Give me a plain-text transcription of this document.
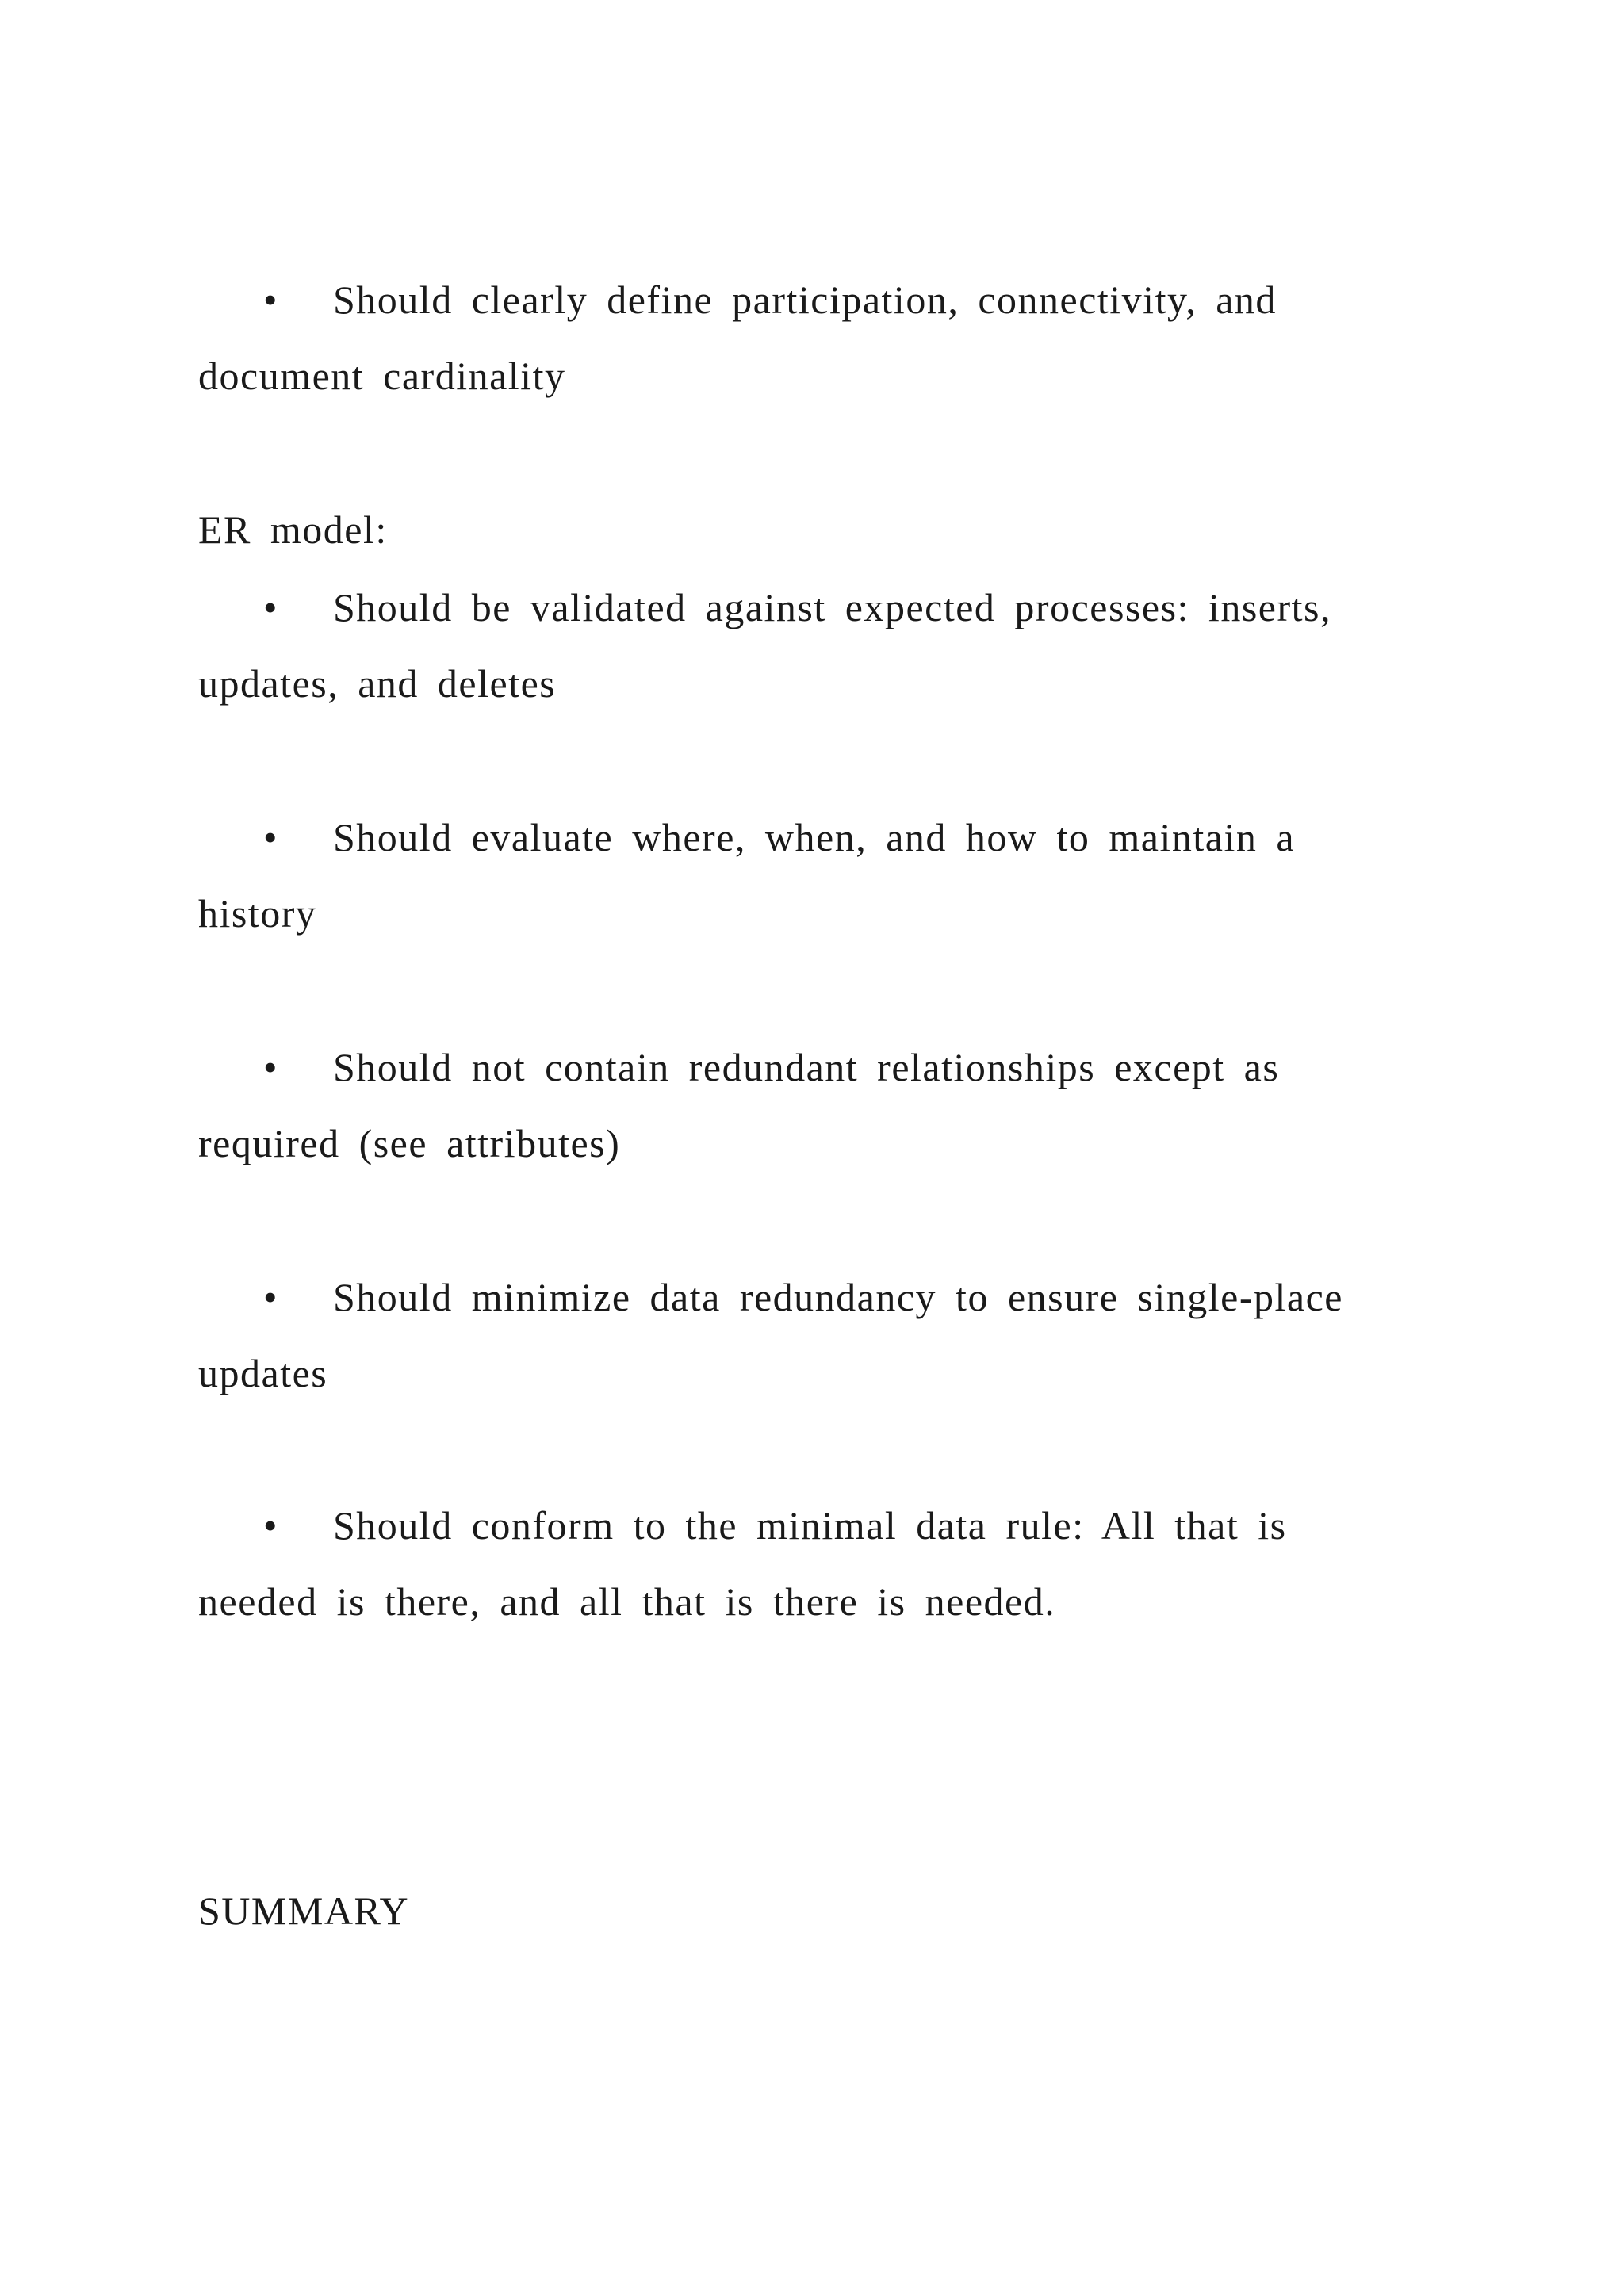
• Should clearly define participation, connectivity, and
document cardinality
ER model:
• Should be validated against expected processes: inserts,
updates, and deletes
• Should evaluate where, when, and how to maintain a
history
• Should not contain redundant relationships except as
required (see attributes)
• Should minimize data redundancy to ensure single-place
updates
• Should conform to the minimal data rule: All that is
needed is there, and all that is there is needed.
SUMMARY
